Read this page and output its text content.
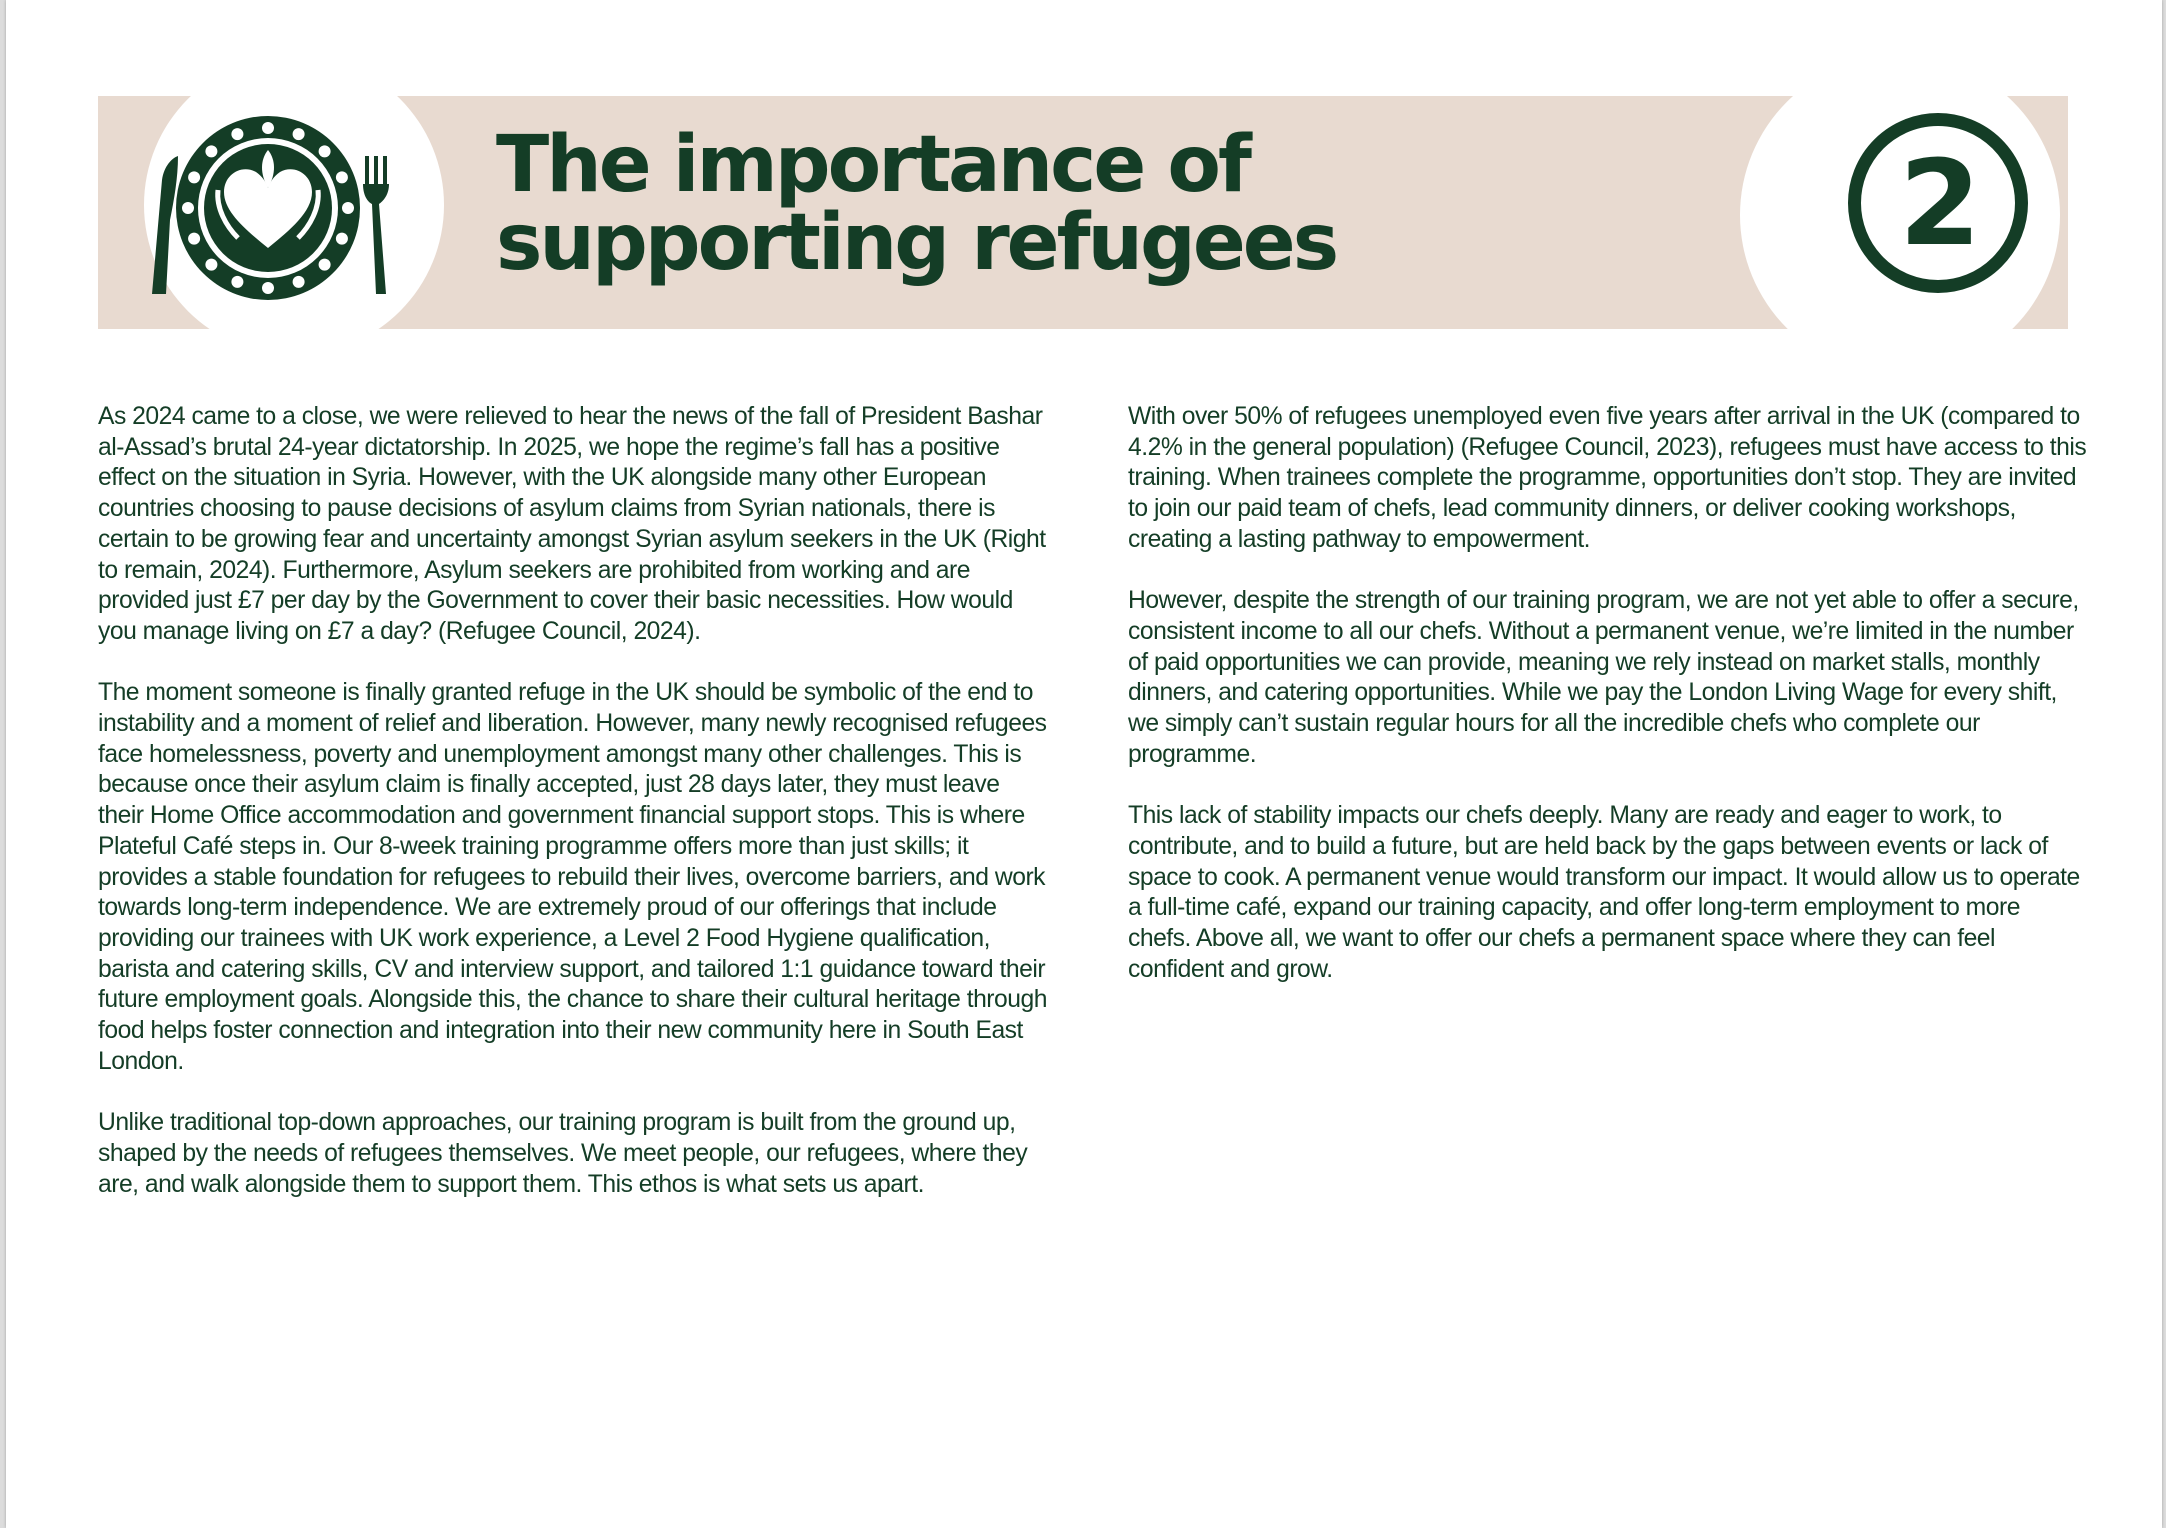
The importance of
supporting refugees	2

As 2024 came to a close, we were relieved to hear the news of the fall of President Bashar al-Assad’s brutal 24-year dictatorship. In 2025, we hope the regime’s fall has a positive effect on the situation in Syria. However, with the UK alongside many other European countries choosing to pause decisions of asylum claims from Syrian nationals, there is certain to be growing fear and uncertainty amongst Syrian asylum seekers in the UK (Right to remain, 2024). Furthermore, Asylum seekers are prohibited from working and are provided just £7 per day by the Government to cover their basic necessities. How would you manage living on £7 a day? (Refugee Council, 2024).

The moment someone is finally granted refuge in the UK should be symbolic of the end to instability and a moment of relief and liberation. However, many newly recognised refugees face homelessness, poverty and unemployment amongst many other challenges. This is because once their asylum claim is finally accepted, just 28 days later, they must leave their Home Office accommodation and government financial support stops. This is where Plateful Café steps in. Our 8-week training programme offers more than just skills; it provides a stable foundation for refugees to rebuild their lives, overcome barriers, and work towards long-term independence. We are extremely proud of our offerings that include providing our trainees with UK work experience, a Level 2 Food Hygiene qualification, barista and catering skills, CV and interview support, and tailored 1:1 guidance toward their future employment goals. Alongside this, the chance to share their cultural heritage through food helps foster connection and integration into their new community here in South East London.

Unlike traditional top-down approaches, our training program is built from the ground up, shaped by the needs of refugees themselves. We meet people, our refugees, where they are, and walk alongside them to support them. This ethos is what sets us apart.

With over 50% of refugees unemployed even five years after arrival in the UK (compared to 4.2% in the general population) (Refugee Council, 2023), refugees must have access to this training. When trainees complete the programme, opportunities don’t stop. They are invited to join our paid team of chefs, lead community dinners, or deliver cooking workshops, creating a lasting pathway to empowerment.

However, despite the strength of our training program, we are not yet able to offer a secure, consistent income to all our chefs. Without a permanent venue, we’re limited in the number of paid opportunities we can provide, meaning we rely instead on market stalls, monthly dinners, and catering opportunities. While we pay the London Living Wage for every shift, we simply can’t sustain regular hours for all the incredible chefs who complete our programme.

This lack of stability impacts our chefs deeply. Many are ready and eager to work, to contribute, and to build a future, but are held back by the gaps between events or lack of space to cook. A permanent venue would transform our impact. It would allow us to operate a full-time café, expand our training capacity, and offer long-term employment to more chefs. Above all, we want to offer our chefs a permanent space where they can feel confident and grow.
